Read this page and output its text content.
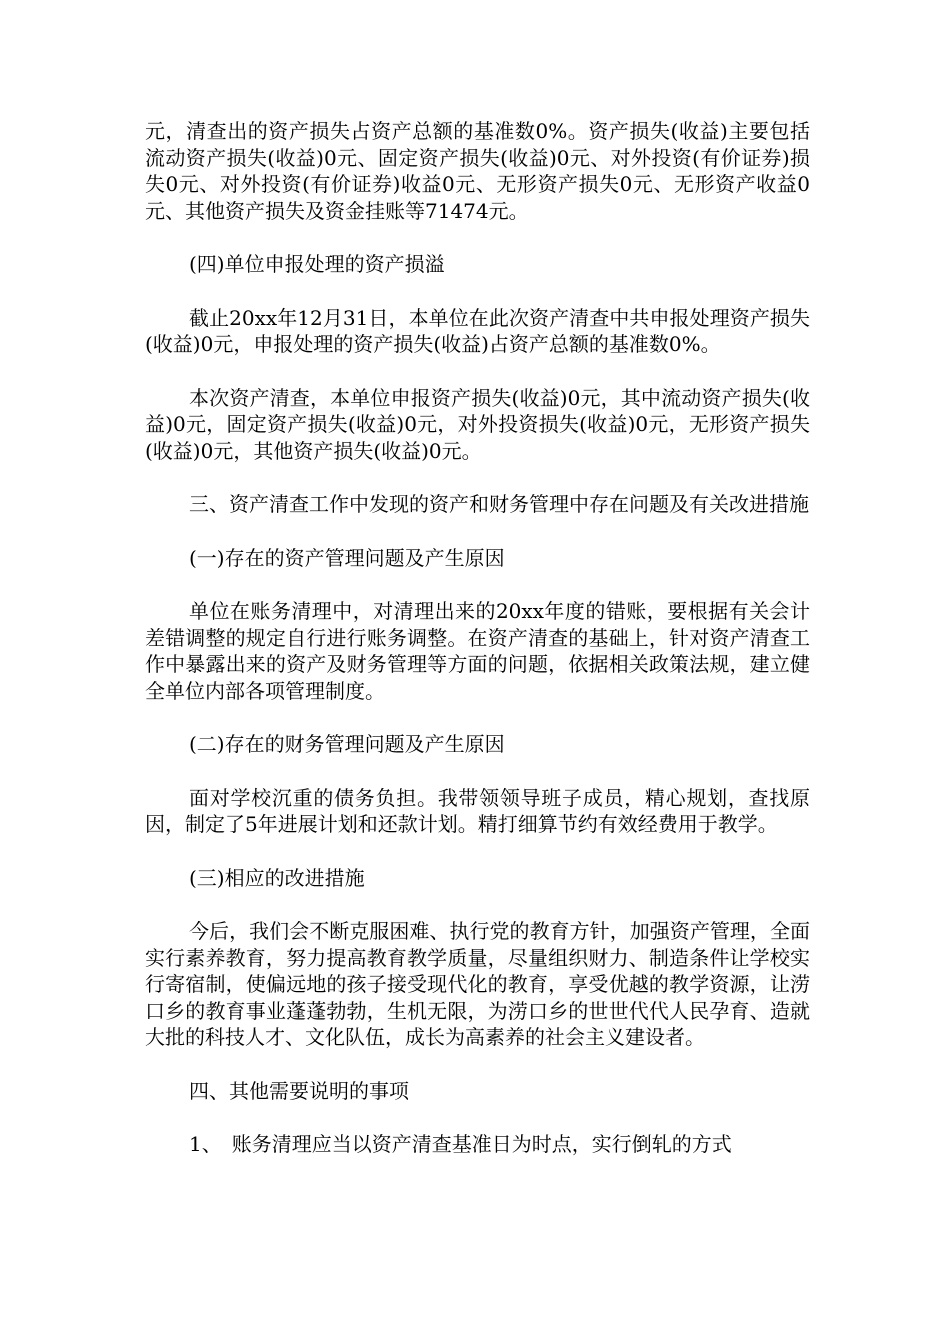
元，清查出的资产损失占资产总额的基准数0%。资产损失(收益)主要包括流动资产损失(收益)0元、固定资产损失(收益)0元、对外投资(有价证券)损失0元、对外投资(有价证券)收益0元、无形资产损失0元、无形资产收益0元、其他资产损失及资金挂账等71474元。

(四)单位申报处理的资产损溢

截止20xx年12月31日，本单位在此次资产清查中共申报处理资产损失(收益)0元，申报处理的资产损失(收益)占资产总额的基准数0%。

本次资产清查，本单位申报资产损失(收益)0元，其中流动资产损失(收益)0元，固定资产损失(收益)0元，对外投资损失(收益)0元，无形资产损失(收益)0元，其他资产损失(收益)0元。

三、资产清查工作中发现的资产和财务管理中存在问题及有关改进措施

(一)存在的资产管理问题及产生原因

单位在账务清理中，对清理出来的20xx年度的错账，要根据有关会计差错调整的规定自行进行账务调整。在资产清查的基础上，针对资产清查工作中暴露出来的资产及财务管理等方面的问题，依据相关政策法规，建立健全单位内部各项管理制度。

(二)存在的财务管理问题及产生原因

面对学校沉重的债务负担。我带领领导班子成员，精心规划，查找原因，制定了5年进展计划和还款计划。精打细算节约有效经费用于教学。

(三)相应的改进措施

今后，我们会不断克服困难、执行党的教育方针，加强资产管理，全面实行素养教育，努力提高教育教学质量，尽量组织财力、制造条件让学校实行寄宿制，使偏远地的孩子接受现代化的教育，享受优越的教学资源，让涝口乡的教育事业蓬蓬勃勃，生机无限，为涝口乡的世世代代人民孕育、造就大批的科技人才、文化队伍，成长为高素养的社会主义建设者。

四、其他需要说明的事项

1、　账务清理应当以资产清查基准日为时点，实行倒轧的方式
